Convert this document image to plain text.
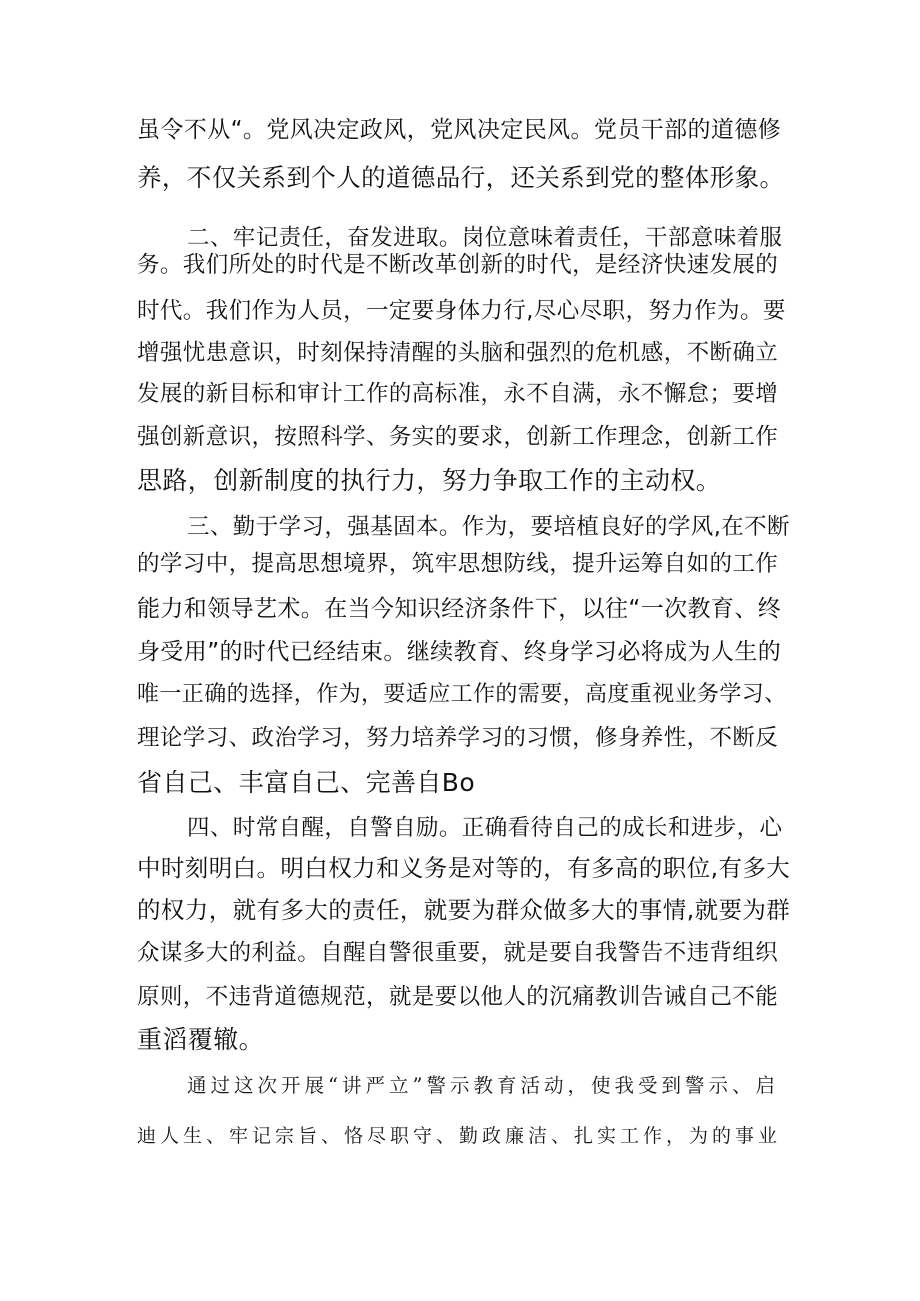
虽令不从“。党风决定政风，党风决定民风。党员干部的道德修
养，不仅关系到个人的道德品行，还关系到党的整体形象。
二、牢记责任，奋发进取。岗位意味着责任，干部意味着服
务。我们所处的时代是不断改革创新的时代，是经济快速发展的
时代。我们作为人员，一定要身体力行,尽心尽职，努力作为。要
增强忧患意识，时刻保持清醒的头脑和强烈的危机感，不断确立
发展的新目标和审计工作的高标准，永不自满，永不懈怠；要增
强创新意识，按照科学、务实的要求，创新工作理念，创新工作
思路，创新制度的执行力，努力争取工作的主动权。
三、勤于学习，强基固本。作为，要培植良好的学风,在不断
的学习中，提高思想境界，筑牢思想防线，提升运筹自如的工作
能力和领导艺术。在当今知识经济条件下，以往“一次教育、终
身受用”的时代已经结束。继续教育、终身学习必将成为人生的
唯一正确的选择，作为，要适应工作的需要，高度重视业务学习、
理论学习、政治学习，努力培养学习的习惯，修身养性，不断反
省自己、丰富自己、完善自Bo
四、时常自醒，自警自励。正确看待自己的成长和进步，心
中时刻明白。明白权力和义务是对等的，有多高的职位,有多大
的权力，就有多大的责任，就要为群众做多大的事情,就要为群
众谋多大的利益。自醒自警很重要，就是要自我警告不违背组织
原则，不违背道德规范，就是要以他人的沉痛教训告诫自己不能
重滔覆辙。
通过这次开展“讲严立”警示教育活动，使我受到警示、启
迪人生、牢记宗旨、恪尽职守、勤政廉洁、扎实工作，为的事业
